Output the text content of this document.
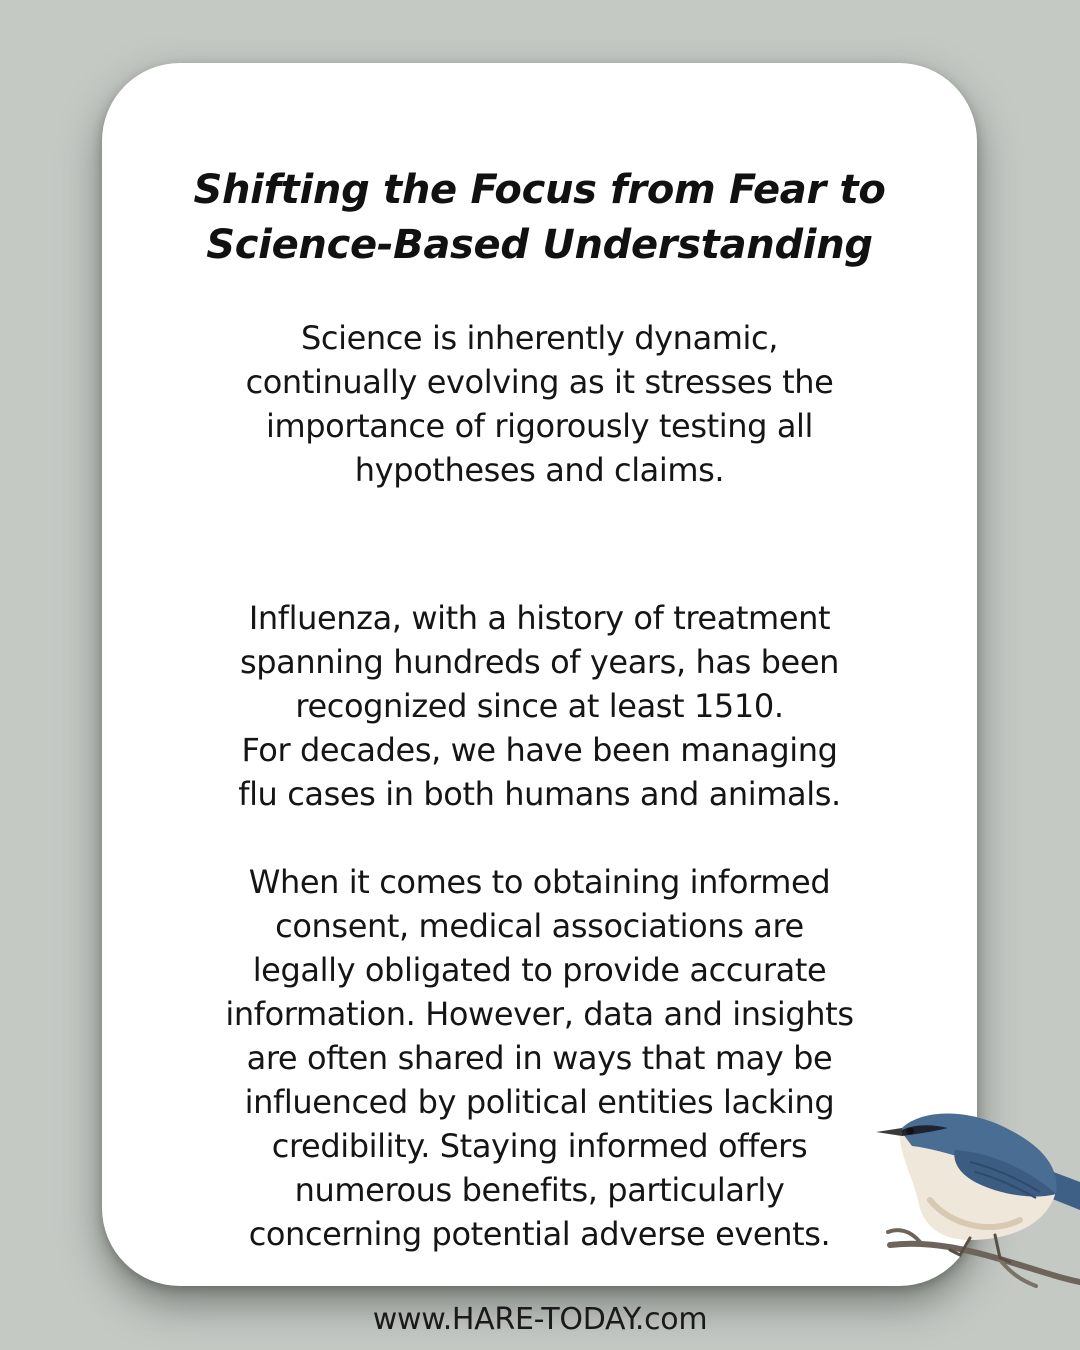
Shifting the Focus from Fear to
Science-Based Understanding
Science is inherently dynamic,
continually evolving as it stresses the
importance of rigorously testing all
hypotheses and claims.
Influenza, with a history of treatment
spanning hundreds of years, has been
recognized since at least 1510.
For decades, we have been managing
flu cases in both humans and animals.
When it comes to obtaining informed
consent, medical associations are
legally obligated to provide accurate
information. However, data and insights
are often shared in ways that may be
influenced by political entities lacking
credibility. Staying informed offers
numerous benefits, particularly
concerning potential adverse events.
www.HARE-TODAY.com
